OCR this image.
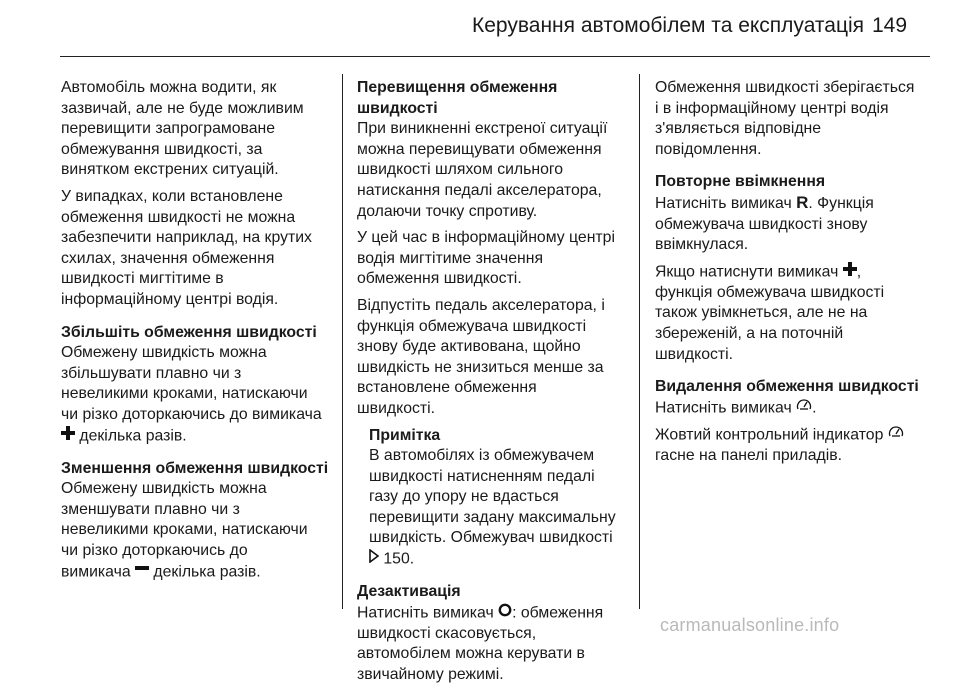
Керування автомобілем та експлуатація 149

Автомобіль можна водити, як
зазвичай, але не буде можливим
перевищити запрограмоване
обмежування швидкості, за
винятком екстрених ситуацій.

У випадках, коли встановлене
обмеження швидкості не можна
забезпечити наприклад, на крутих
схилах, значення обмеження
швидкості мигтітиме в
інформаційному центрі водія.

Збільшіть обмеження швидкості

Обмежену швидкість можна
збільшувати плавно чи з
невеликими кроками, натискаючи
чи різко доторкаючись до вимикача
декілька разів.

Зменшення обмеження швидкості

Обмежену швидкість можна
зменшувати плавно чи з
невеликими кроками, натискаючи
чи різко доторкаючись до
вимикача декілька разів.

Перевищення обмеження
швидкості

При виникненні екстреної ситуації
можна перевищувати обмеження
швидкості шляхом сильного
натискання педалі акселератора,
долаючи точку спротиву.

У цей час в інформаційному центрі
водія мигтітиме значення
обмеження швидкості.

Відпустіть педаль акселератора, і
функція обмежувача швидкості
знову буде активована, щойно
швидкість не знизиться менше за
встановлене обмеження
швидкості.

Примітка

В автомобілях із обмежувачем
швидкості натисненням педалі
газу до упору не вдасться
перевищити задану максимальну
швидкість. Обмежувач швидкості
150.

Дезактивація

Натисніть вимикач : обмеження
швидкості скасовується,
автомобілем можна керувати в
звичайному режимі.

Обмеження швидкості зберігається
і в інформаційному центрі водія
з'являється відповідне
повідомлення.

Повторне ввімкнення

Натисніть вимикач R. Функція
обмежувача швидкості знову
ввімкнулася.

Якщо натиснути вимикач ,
функція обмежувача швидкості
також увімкнеться, але не на
збереженій, а на поточній
швидкості.

Видалення обмеження швидкості

Натисніть вимикач .

Жовтий контрольний індикатор
гасне на панелі приладів.

carmanualsonline.info
